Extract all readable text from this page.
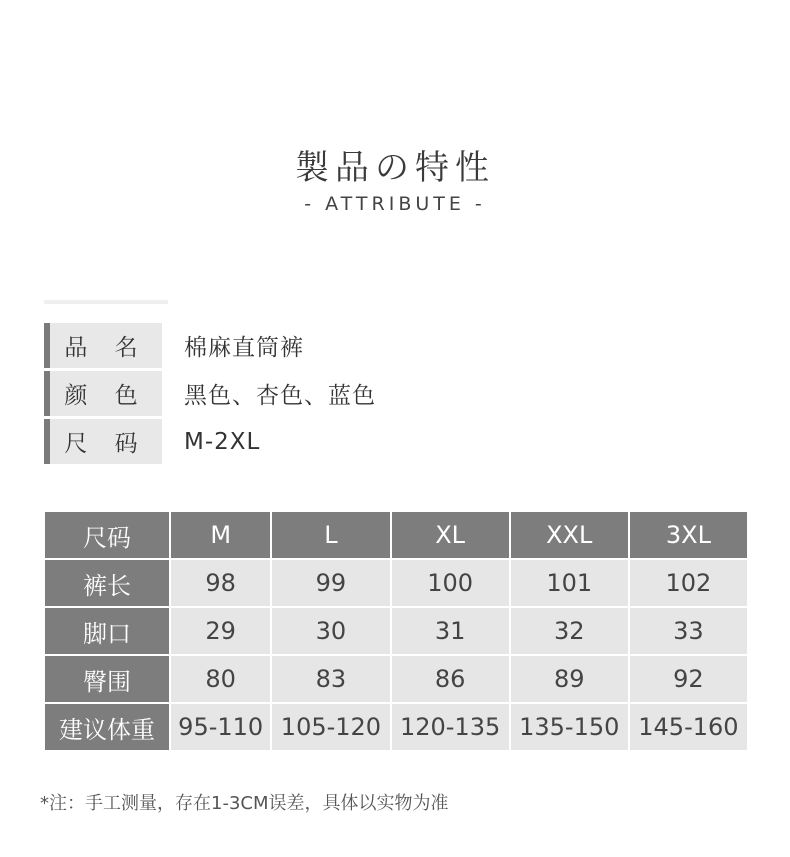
製品の特性
- ATTRIBUTE -
品 名	棉麻直筒裤
颜 色	黑色、杏色、蓝色
尺 码	M-2XL
尺码	M	L	XL	XXL	3XL
裤长	98	99	100	101	102
脚口	29	30	31	32	33
臀围	80	83	86	89	92
建议体重	95-110	105-120	120-135	135-150	145-160
*注：手工测量，存在1-3CM误差，具体以实物为准
